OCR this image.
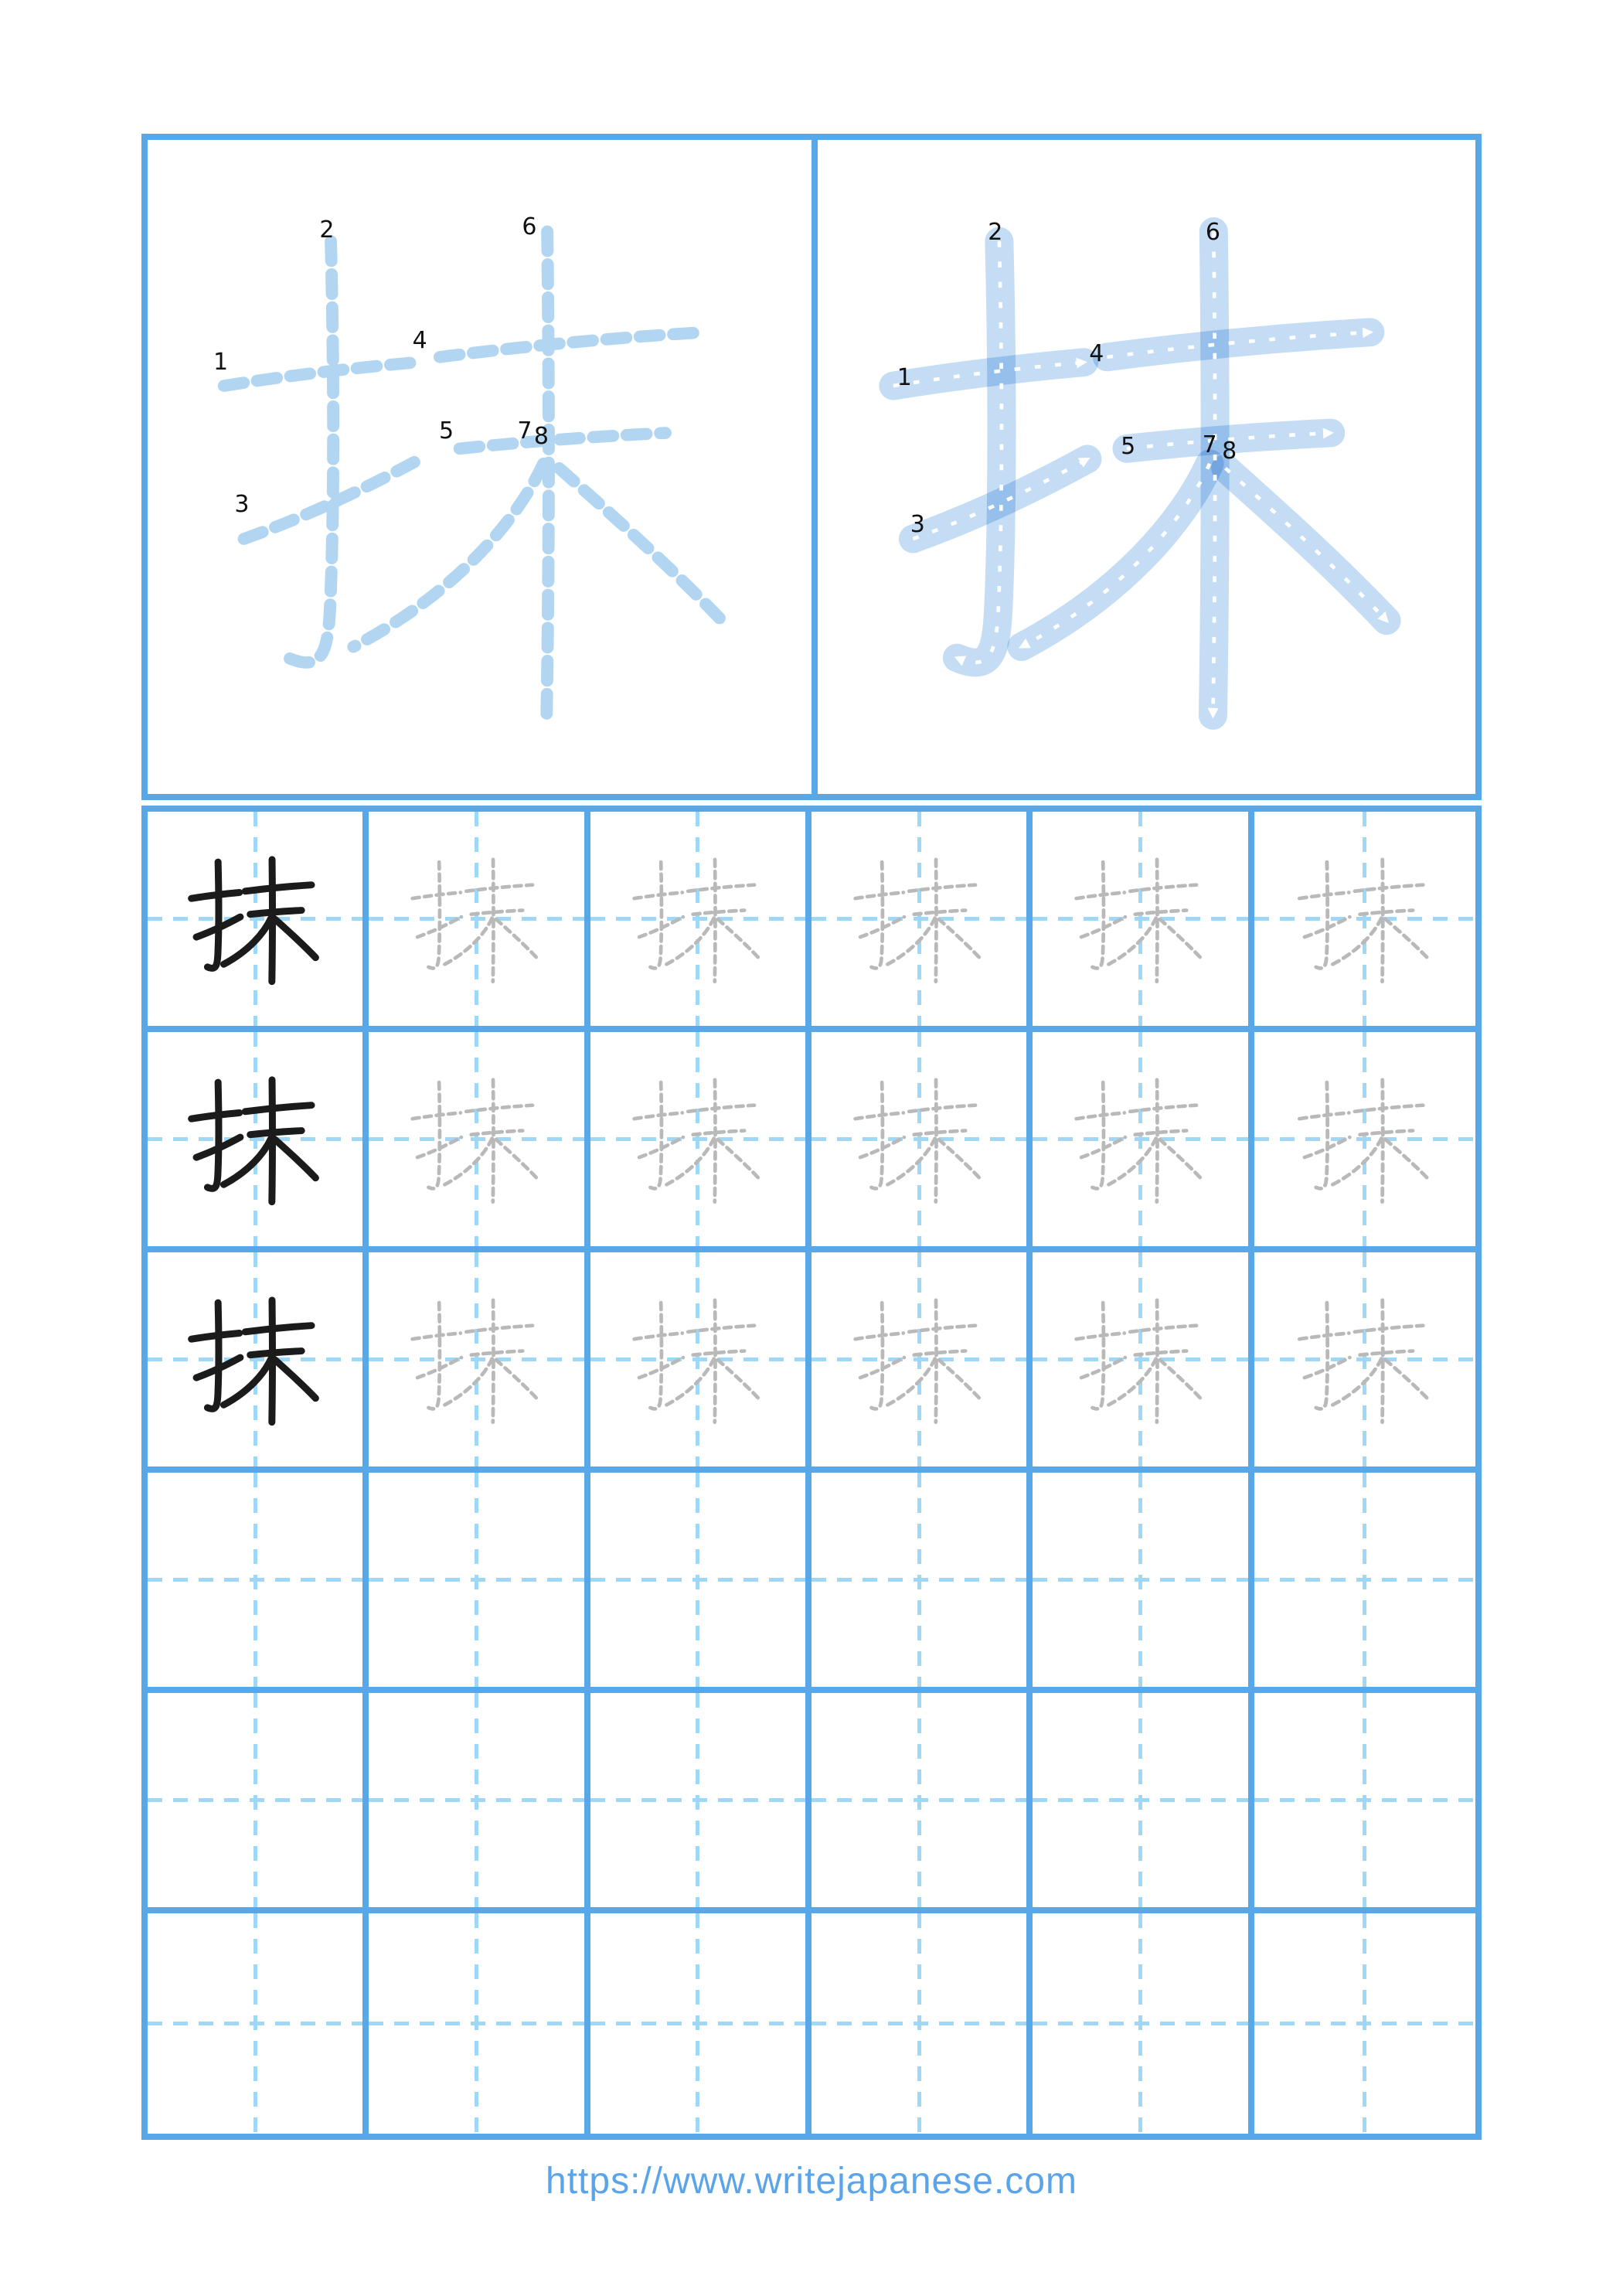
1
2
3
4
5
6
7 8
1
2
3
4
5
6
7 8
https://www.writejapanese.com
